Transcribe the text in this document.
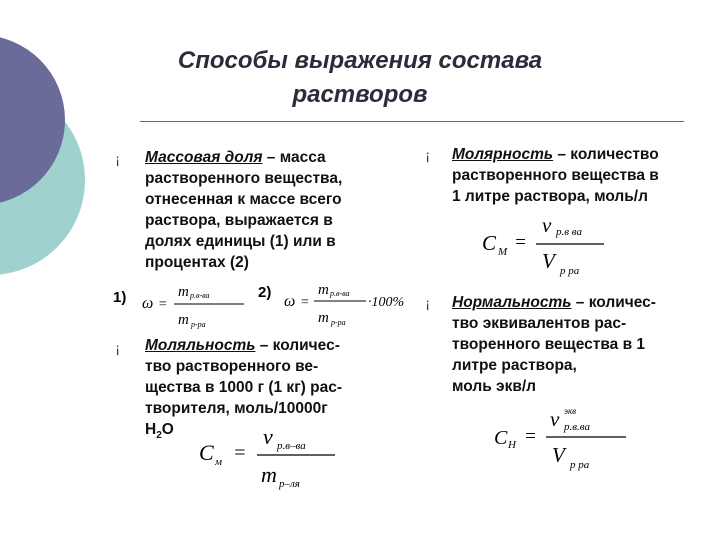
Способы выражения состава
растворов
¡ Массовая доля – масса
растворенного вещества,
отнесенная к массе всего
раствора, выражается в
долях единицы (1) или в
процентах (2)
1)	2)
ω =
m р.в-ва
m р-ра
ω =
m р.в-ва
m р-ра
·100%
¡ Моляльность – количес-
тво растворенного ве-
щества в 1000 г (1 кг) рас-
творителя, моль/10000г
$H_2O$
C м =
ν р.в–ва
m р–ля
¡ Молярность – количество
растворенного вещества в
1 литре раствора, моль/л
C M =
ν р.в ва
V р ра
¡ Нормальность – количес-
тво эквивалентов рас-
творенного вещества в 1
литре раствора,
моль экв/л
C H =
ν экв
р.в.ва
V р ра
